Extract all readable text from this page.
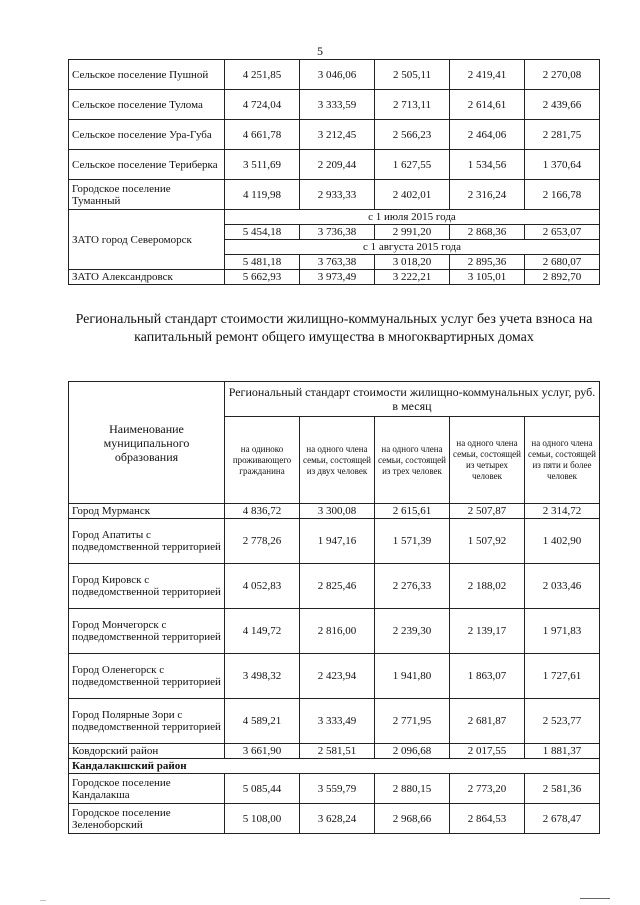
5
Сельское поселение Пушной	4 251,85	3 046,06	2 505,11	2 419,41	2 270,08
Сельское поселение Тулома	4 724,04	3 333,59	2 713,11	2 614,61	2 439,66
Сельское поселение Ура-Губа	4 661,78	3 212,45	2 566,23	2 464,06	2 281,75
Сельское поселение Териберка	3 511,69	2 209,44	1 627,55	1 534,56	1 370,64
Городское поселение Туманный	4 119,98	2 933,33	2 402,01	2 316,24	2 166,78
ЗАТО город Североморск	с 1 июля 2015 года				
	5 454,18	3 736,38	2 991,20	2 868,36	2 653,07
	с 1 августа 2015 года				
	5 481,18	3 763,38	3 018,20	2 895,36	2 680,07
ЗАТО Александровск	5 662,93	3 973,49	3 222,21	3 105,01	2 892,70
Региональный стандарт стоимости жилищно-коммунальных услуг без учета взноса на капитальный ремонт общего имущества в многоквартирных домах
Наименование муниципального образования	Региональный стандарт стоимости жилищно-коммунальных услуг, руб. в месяц				
	на одиноко проживающего гражданина	на одного члена семьи, состоящей из двух человек	на одного члена семьи, состоящей из трех человек	на одного члена семьи, состоящей из четырех человек	на одного члена семьи, состоящей из пяти и более человек
Город Мурманск	4 836,72	3 300,08	2 615,61	2 507,87	2 314,72
Город Апатиты с подведомственной территорией	2 778,26	1 947,16	1 571,39	1 507,92	1 402,90
Город Кировск с подведомственной территорией	4 052,83	2 825,46	2 276,33	2 188,02	2 033,46
Город Мончегорск с подведомственной территорией	4 149,72	2 816,00	2 239,30	2 139,17	1 971,83
Город Оленегорск с подведомственной территорией	3 498,32	2 423,94	1 941,80	1 863,07	1 727,61
Город Полярные Зори с подведомственной территорией	4 589,21	3 333,49	2 771,95	2 681,87	2 523,77
Ковдорский район	3 661,90	2 581,51	2 096,68	2 017,55	1 881,37
Кандалакшский район					
Городское поселение Кандалакша	5 085,44	3 559,79	2 880,15	2 773,20	2 581,36
Городское поселение Зеленоборский	5 108,00	3 628,24	2 968,66	2 864,53	2 678,47
...
